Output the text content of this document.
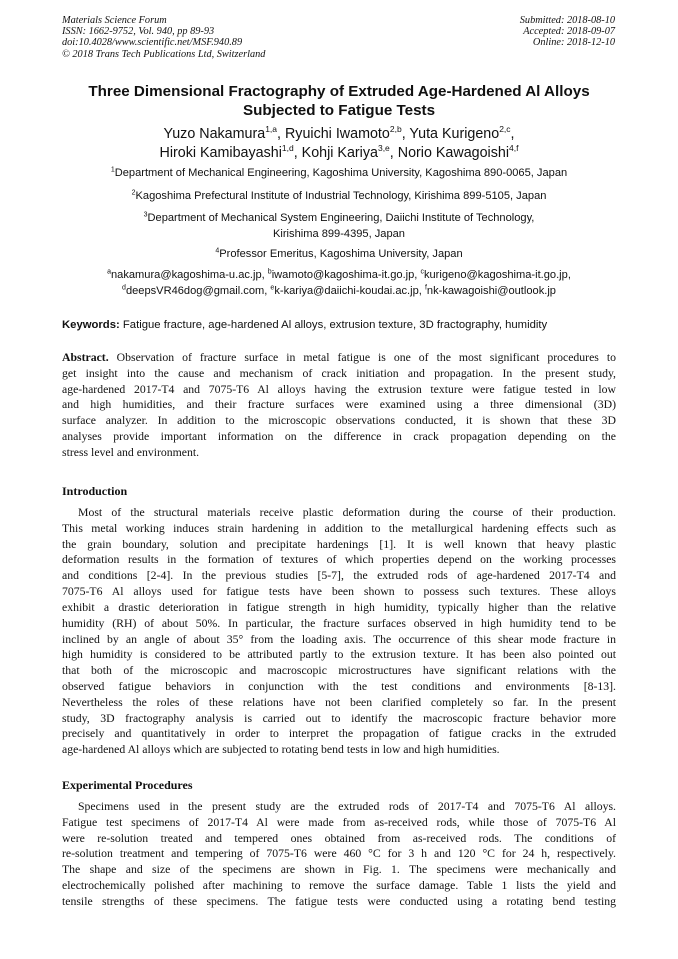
Materials Science Forum
ISSN: 1662-9752, Vol. 940, pp 89-93
doi:10.4028/www.scientific.net/MSF.940.89
© 2018 Trans Tech Publications Ltd, Switzerland
Submitted: 2018-08-10
Accepted: 2018-09-07
Online: 2018-12-10
Three Dimensional Fractography of Extruded Age-Hardened Al Alloys
Subjected to Fatigue Tests
Yuzo Nakamura$^{1,a}$, Ryuichi Iwamoto$^{2,b}$, Yuta Kurigeno$^{2,c}$,
Hiroki Kamibayashi$^{1,d}$, Kohji Kariya$^{3,e}$, Norio Kawagoishi$^{4,f}$
$^1$Department of Mechanical Engineering, Kagoshima University, Kagoshima 890-0065, Japan
$^2$Kagoshima Prefectural Institute of Industrial Technology, Kirishima 899-5105, Japan
$^3$Department of Mechanical System Engineering, Daiichi Institute of Technology,
Kirishima 899-4395, Japan
$^4$Professor Emeritus, Kagoshima University, Japan
$^a$nakamura@kagoshima-u.ac.jp, $^b$iwamoto@kagoshima-it.go.jp, $^c$kurigeno@kagoshima-it.go.jp,
$^d$deepsVR46dog@gmail.com, $^e$k-kariya@daiichi-koudai.ac.jp, $^f$nk-kawagoishi@outlook.jp
Keywords: Fatigue fracture, age-hardened Al alloys, extrusion texture, 3D fractography, humidity
Abstract. Observation of fracture surface in metal fatigue is one of the most significant procedures to
get insight into the cause and mechanism of crack initiation and propagation. In the present study,
age-hardened 2017-T4 and 7075-T6 Al alloys having the extrusion texture were fatigue tested in low
and high humidities, and their fracture surfaces were examined using a three dimensional (3D)
surface analyzer. In addition to the microscopic observations conducted, it is shown that these 3D
analyses provide important information on the difference in crack propagation depending on the
stress level and environment.
Introduction
Most of the structural materials receive plastic deformation during the course of their production.
This metal working induces strain hardening in addition to the metallurgical hardening effects such as
the grain boundary, solution and precipitate hardenings [1]. It is well known that heavy plastic
deformation results in the formation of textures of which properties depend on the working processes
and conditions [2-4]. In the previous studies [5-7], the extruded rods of age-hardened 2017-T4 and
7075-T6 Al alloys used for fatigue tests have been shown to possess such textures. These alloys
exhibit a drastic deterioration in fatigue strength in high humidity, typically higher than the relative
humidity (RH) of about 50%. In particular, the fracture surfaces observed in high humidity tend to be
inclined by an angle of about 35° from the loading axis. The occurrence of this shear mode fracture in
high humidity is considered to be attributed partly to the extrusion texture. It has been also pointed out
that both of the microscopic and macroscopic microstructures have significant relations with the
observed fatigue behaviors in conjunction with the test conditions and environments [8-13].
Nevertheless the roles of these relations have not been clarified completely so far. In the present
study, 3D fractography analysis is carried out to identify the macroscopic fracture behavior more
precisely and quantitatively in order to interpret the propagation of fatigue cracks in the extruded
age-hardened Al alloys which are subjected to rotating bend tests in low and high humidities.
Experimental Procedures
Specimens used in the present study are the extruded rods of 2017-T4 and 7075-T6 Al alloys.
Fatigue test specimens of 2017-T4 Al were made from as-received rods, while those of 7075-T6 Al
were re-solution treated and tempered ones obtained from as-received rods. The conditions of
re-solution treatment and tempering of 7075-T6 were 460 °C for 3 h and 120 °C for 24 h, respectively.
The shape and size of the specimens are shown in Fig. 1. The specimens were mechanically and
electrochemically polished after machining to remove the surface damage. Table 1 lists the yield and
tensile strengths of these specimens. The fatigue tests were conducted using a rotating bend testing
